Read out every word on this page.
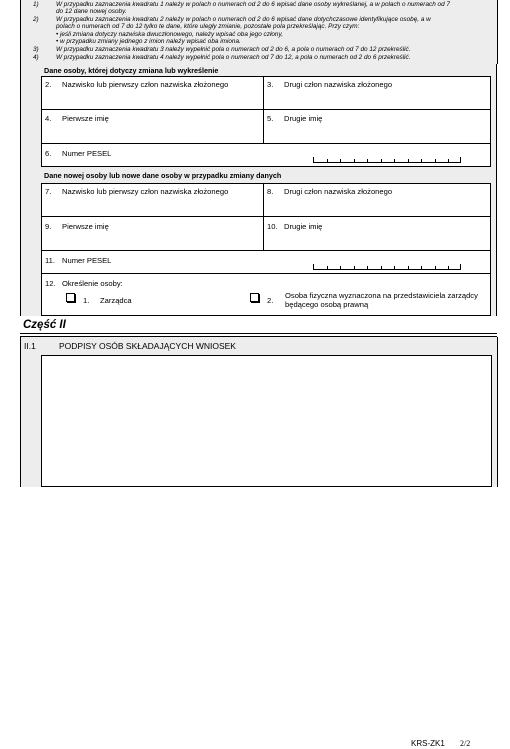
1)	W przypadku zaznaczenia kwadratu 1 należy w polach o numerach od 2 do 6 wpisać dane osoby wykreślanej, a w polach o numerach od 7
do 12 dane nowej osoby.
2)	W przypadku zaznaczenia kwadratu 2 należy w polach o numerach od 2 do 6 wpisać dane dotychczasowe identyfikujące osobę, a w
polach o numerach od 7 do 12 tylko te dane, które uległy zmianie, pozostałe pola przekreślając. Przy czym:
• jeśli zmiana dotyczy nazwiska dwuczłonowego, należy wpisać oba jego człony,
• w przypadku zmiany jednego z imion należy wpisać oba imiona.
3)	W przypadku zaznaczenia kwadratu 3 należy wypełnić pola o numerach od 2 do 6, a pola o numerach od 7 do 12 przekreślić.
4)	W przypadku zaznaczenia kwadratu 4 należy wypełnić pola o numerach od 7 do 12, a pola o numerach od 2 do 6 przekreślić.
Dane osoby, której dotyczy zmiana lub wykreślenie
2. Nazwisko lub pierwszy człon nazwiska złożonego	3. Drugi człon nazwiska złożonego
4. Pierwsze imię	5. Drugie imię
6. Numer PESEL
Dane nowej osoby lub nowe dane osoby w przypadku zmiany danych
7. Nazwisko lub pierwszy człon nazwiska złożonego	8. Drugi człon nazwiska złożonego
9. Pierwsze imię	10. Drugie imię
11. Numer PESEL
12. Określenie osoby:
1. Zarządca	2.
Osoba fizyczna wyznaczona na przedstawiciela zarządcy
będącego osobą prawną
Część II
II.1	PODPISY OSÓB SKŁADAJĄCYCH WNIOSEK
KRS-ZK1 2/2
